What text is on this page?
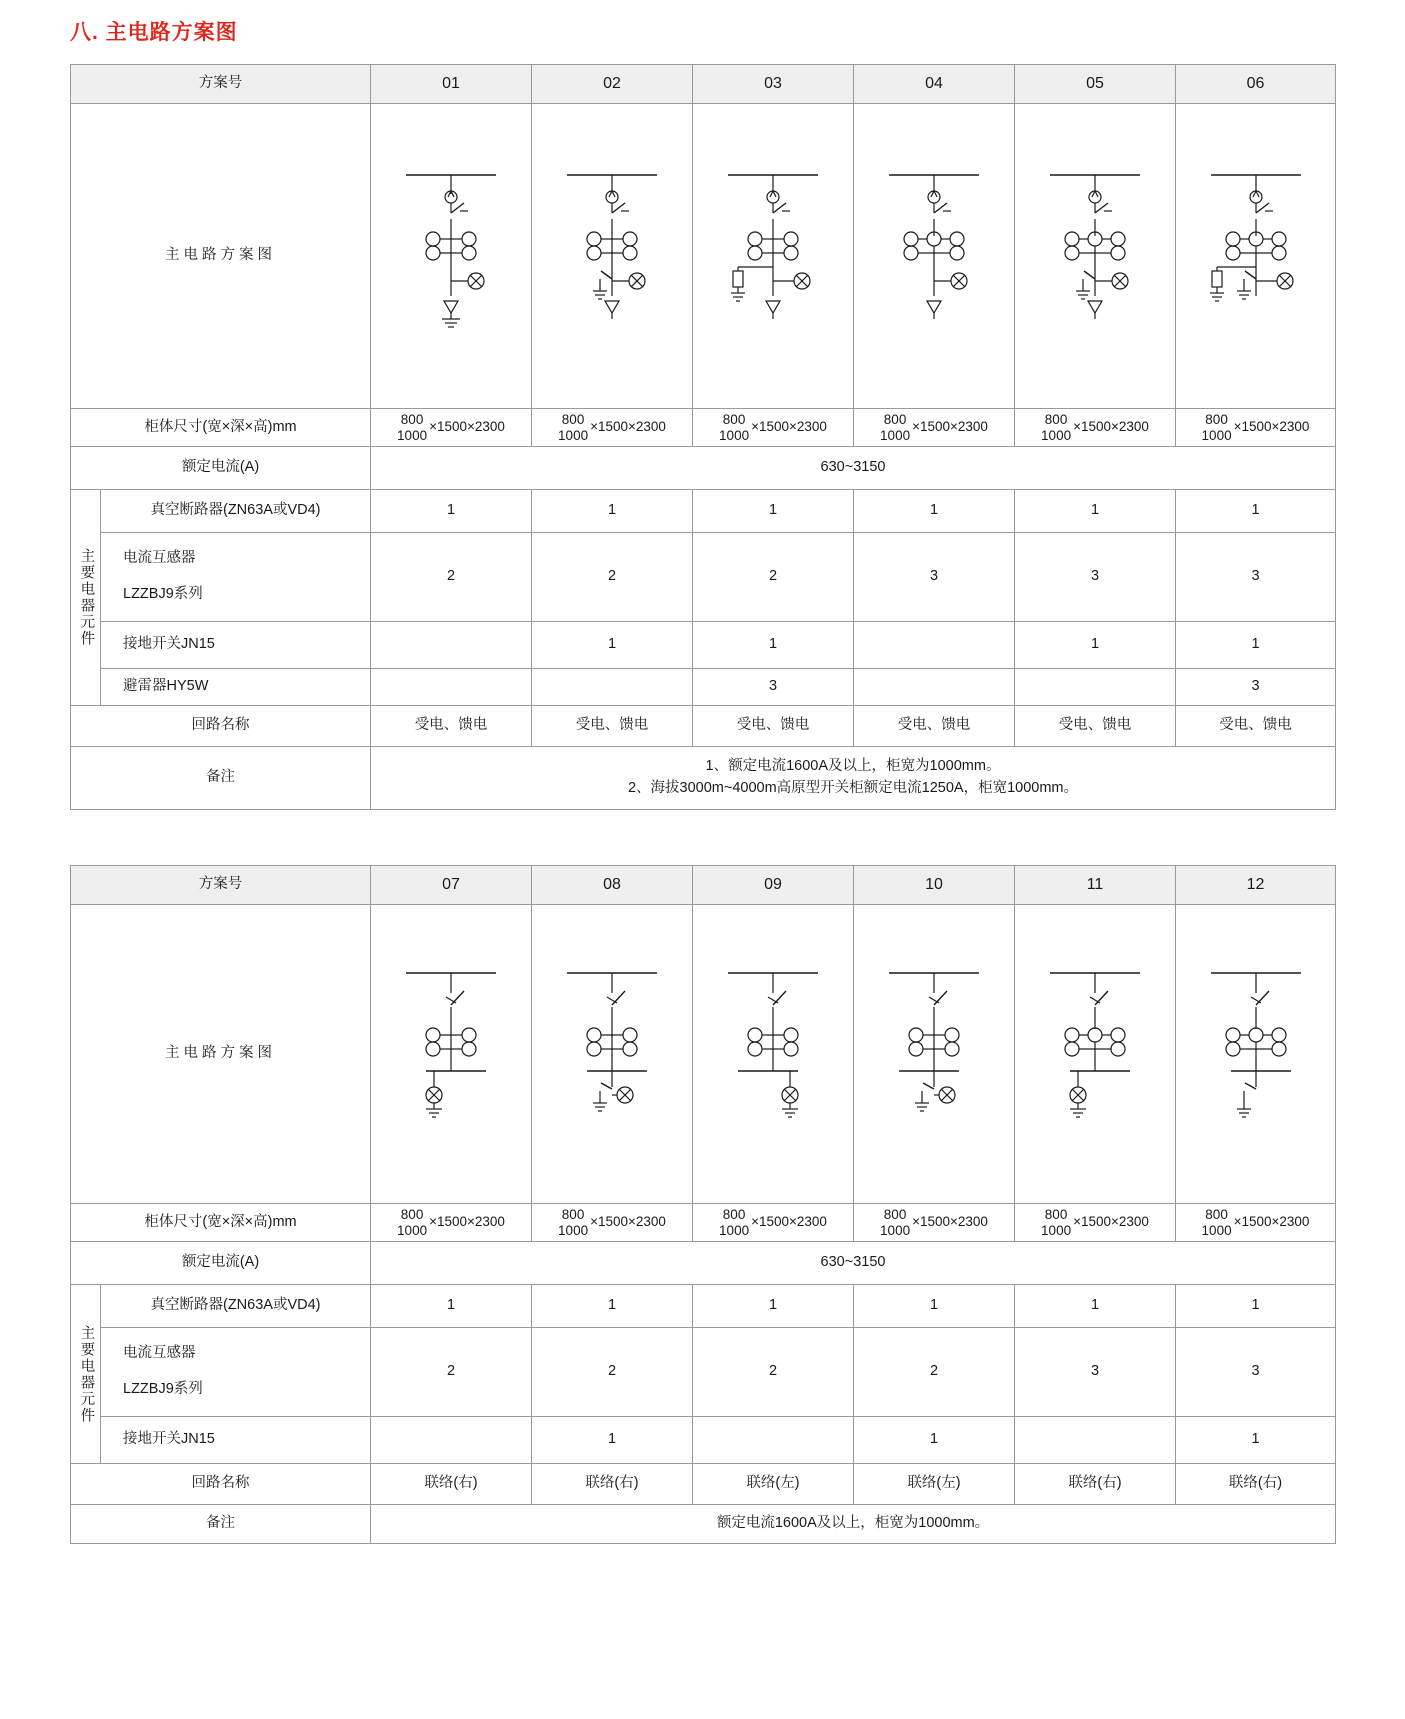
八. 主电路方案图
方案号		01	02	03	04	05	06
主电路方案图	

柜体尺寸(宽×深×高)mm		800
1000
×1500×2300	800
1000
×1500×2300	800
1000
×1500×2300	800
1000
×1500×2300	800
1000
×1500×2300	800
1000
×1500×2300

额定电流(A)		630~3150					

主要电器元件	真空断路器(ZN63A或VD4)	1	1	1	1	1	1

	电流互感器
LZZBJ9系列	2	2	2	3	3	3
	接地开关JN15		1	1		1	1
	避雷器HY5W			3			3
回路名称		受电、馈电	受电、馈电	受电、馈电	受电、馈电	受电、馈电	受电、馈电
备注		1、额定电流1600A及以上，柜宽为1000mm。
2、海拔3000m~4000m高原型开关柜额定电流1250A，柜宽1000mm。					
方案号		07	08	09	10	11	12
主电路方案图	

柜体尺寸(宽×深×高)mm		800
1000
×1500×2300	800
1000
×1500×2300	800
1000
×1500×2300	800
1000
×1500×2300	800
1000
×1500×2300	800
1000
×1500×2300

额定电流(A)		630~3150					

主要电器元件	真空断路器(ZN63A或VD4)	1	1	1	1	1	1

	电流互感器
LZZBJ9系列	2	2	2	2	3	3
	接地开关JN15		1		1		1
回路名称		联络(右)	联络(右)	联络(左)	联络(左)	联络(右)	联络(右)
备注		额定电流1600A及以上，柜宽为1000mm。					
